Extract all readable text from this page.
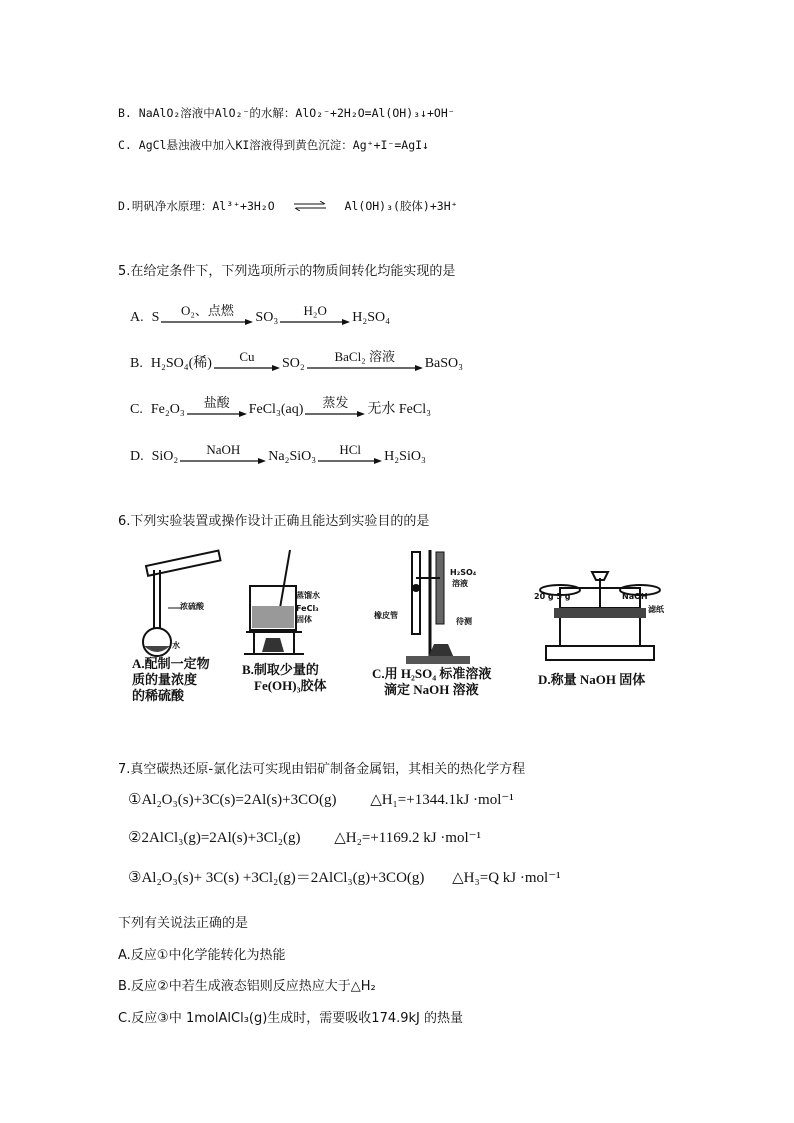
B. NaAlO₂溶液中AlO₂⁻的水解：AlO₂⁻+2H₂O=Al(OH)₃↓+OH⁻
C. AgCl悬浊液中加入KI溶液得到黄色沉淀：Ag⁺+I⁻=AgI↓
D.明矾净水原理：Al³⁺+3H₂O ⇌ Al(OH)₃(胶体)+3H⁺
5.在给定条件下，下列选项所示的物质间转化均能实现的是
A. S	O₂、点燃	SO₃	H₂O	H₂SO₄
B. H₂SO₄(稀)	Cu	SO₂	BaCl₂ 溶液	BaSO₃
C. Fe₂O₃	盐酸	FeCl₃(aq)	蒸发	无水 FeCl₃
D. SiO₂	NaOH	Na₂SiO₃	HCl	H₂SiO₃
6.下列实验装置或操作设计正确且能达到实验目的的是
浓硫酸
水
A.配制一定物
质的量浓度
的稀硫酸
蒸馏水
FeCl₃
固体
B.制取少量的
Fe(OH)₃胶体
H₂SO₄
溶液
橡皮管
待测
C.用 H₂SO₄ 标准溶液
滴定 NaOH 溶液
20 g 5 g	NaOH
滤纸
D.称量 NaOH 固体
7.真空碳热还原-氯化法可实现由铝矿制备金属铝，其相关的热化学方程
①Al₂O₃(s)+3C(s)=2Al(s)+3CO(g) △H₁=+1344.1kJ ·mol⁻¹
②2AlCl₃(g)=2Al(s)+3Cl₂(g) △H₂=+1169.2 kJ ·mol⁻¹
③Al₂O₃(s)+ 3C(s) +3Cl₂(g)＝2AlCl₃(g)+3CO(g) △H₃=Q kJ ·mol⁻¹
下列有关说法正确的是
A.反应①中化学能转化为热能
B.反应②中若生成液态铝则反应热应大于△H₂
C.反应③中 1molAlCl₃(g)生成时，需要吸收174.9kJ 的热量
